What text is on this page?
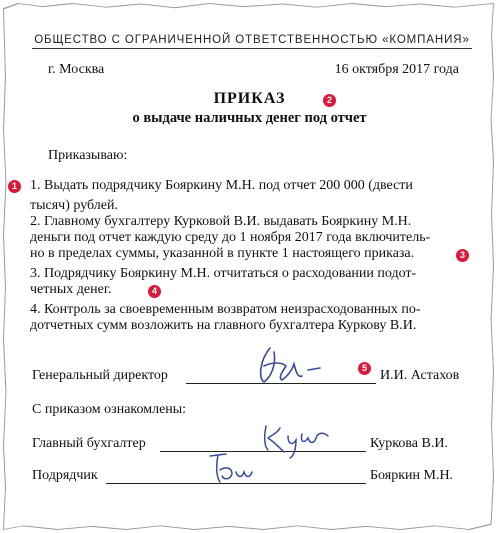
ОБЩЕСТВО С ОГРАНИЧЕННОЙ ОТВЕТСТВЕННОСТЬЮ «КОМПАНИЯ»
г. Москва	16 октября 2017 года
ПРИКАЗ	2
о выдаче наличных денег под отчет
Приказываю:
1 1. Выдать подрядчику Бояркину М.Н. под отчет 200 000 (двести
тысяч) рублей.
2. Главному бухгалтеру Курковой В.И. выдавать Бояркину М.Н.
деньги под отчет каждую среду до 1 ноября 2017 года включитель-
но в пределах суммы, указанной в пункте 1 настоящего приказа.	3
3. Подрядчику Бояркину М.Н. отчитаться о расходовании подот-
четных денег.	4
4. Контроль за своевременным возвратом неизрасходованных по-
дотчетных сумм возложить на главного бухгалтера Куркову В.И.
Генеральный директор	5 И.И. Астахов
С приказом ознакомлены:
Главный бухгалтер	Куркова В.И.
Подрядчик	Бояркин М.Н.
